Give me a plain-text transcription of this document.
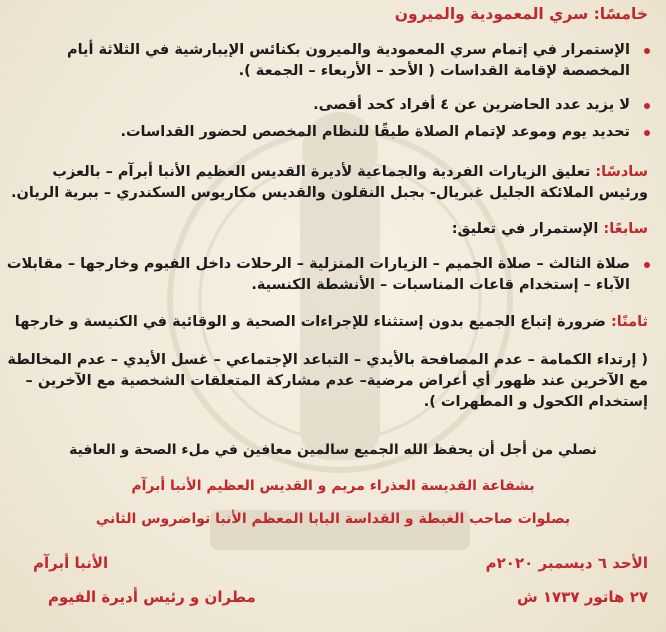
خامسًا: سري المعمودية والميرون
الإستمرار في إتمام سري المعمودية والميرون بكنائس الإيبارشية في الثلاثة أيام
المخصصة لإقامة القداسات ( الأحد – الأربعاء – الجمعة ).
لا يزيد عدد الحاضرين عن ٤ أفراد كحد أقصى.
تحديد يوم وموعد لإتمام الصلاة طبقًا للنظام المخصص لحضور القداسات.
سادسًا: تعليق الزيارات الفردية والجماعية لأديرة القديس العظيم الأنبا أبرآم – بالعزب
ورئيس الملائكة الجليل غبريال- بجبل النقلون والقديس مكاريوس السكندري – ببرية الريان.
سابعًا: الإستمرار في تعليق:
صلاة الثالث – صلاة الحميم – الزيارات المنزلية – الرحلات داخل الفيوم وخارجها – مقابلات
الآباء – إستخدام قاعات المناسبات – الأنشطة الكنسية.
ثامنًا: ضرورة إتباع الجميع بدون إستثناء للإجراءات الصحية و الوقائية في الكنيسة و خارجها
( إرتداء الكمامة – عدم المصافحة بالأيدي – التباعد الإجتماعي – غسل الأيدي – عدم المخالطة
مع الآخرين عند ظهور أي أعراض مرضية– عدم مشاركة المتعلقات الشخصية مع الآخرين –
إستخدام الكحول و المطهرات ).
نصلي من أجل أن يحفظ الله الجميع سالمين معافين في ملء الصحة و العافية
بشفاعة القديسة العذراء مريم و القديس العظيم الأنبا أبرآم
بصلوات صاحب الغبطة و القداسة البابا المعظم الأنبا تواضروس الثاني
الأحد ٦ ديسمبر ٢٠٢٠م
٢٧ هاتور ١٧٣٧ ش
الأنبا أبرآم
مطران و رئيس أديرة الفيوم
